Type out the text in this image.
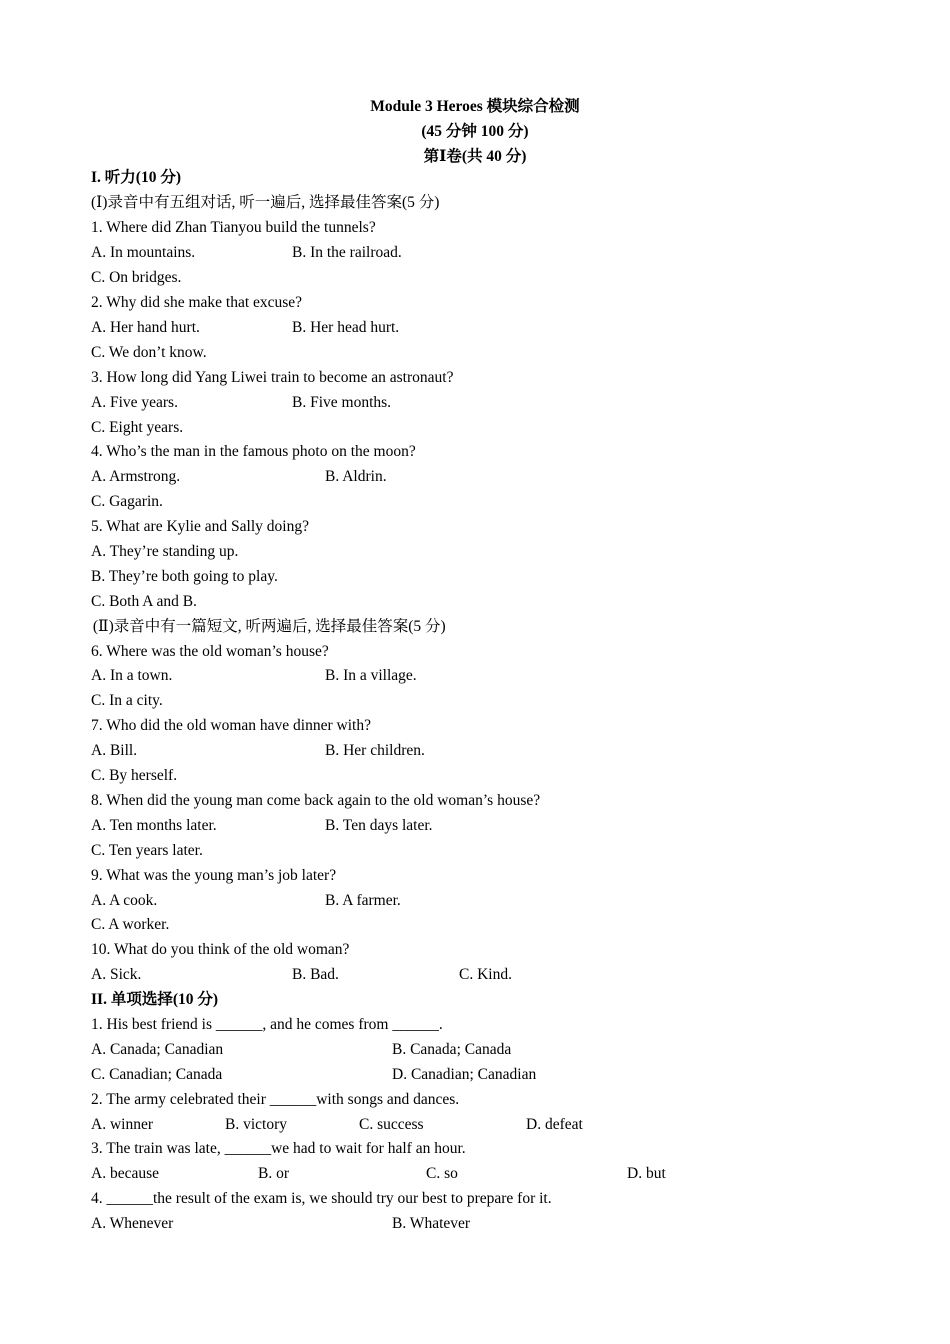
Module 3 Heroes 模块综合检测
(45 分钟 100 分)
第Ⅰ卷(共 40 分)
I. 听力(10 分)
(Ⅰ)录音中有五组对话, 听一遍后, 选择最佳答案(5 分)
1. Where did Zhan Tianyou build the tunnels?
A. In mountains.	B. In the railroad.
C. On bridges.
2. Why did she make that excuse?
A. Her hand hurt.	B. Her head hurt.
C. We don’t know.
3. How long did Yang Liwei train to become an astronaut?
A. Five years.	B. Five months.
C. Eight years.
4. Who’s the man in the famous photo on the moon?
A. Armstrong.	B. Aldrin.
C. Gagarin.
5. What are Kylie and Sally doing?
A. They’re standing up.
B. They’re both going to play.
C. Both A and B.
(Ⅱ)录音中有一篇短文, 听两遍后, 选择最佳答案(5 分)
6. Where was the old woman’s house?
A. In a town.	B. In a village.
C. In a city.
7. Who did the old woman have dinner with?
A. Bill.	B. Her children.
C. By herself.
8. When did the young man come back again to the old woman’s house?
A. Ten months later.	B. Ten days later.
C. Ten years later.
9. What was the young man’s job later?
A. A cook.	B. A farmer.
C. A worker.
10. What do you think of the old woman?
A. Sick.	B. Bad.	C. Kind.
II. 单项选择(10 分)
1. His best friend is ______, and he comes from ______.
A. Canada; Canadian	B. Canada; Canada
C. Canadian; Canada	D. Canadian; Canadian
2. The army celebrated their ______with songs and dances.
A. winner	B. victory	C. success	D. defeat
3. The train was late, ______we had to wait for half an hour.
A. because	B. or	C. so	D. but
4. ______the result of the exam is, we should try our best to prepare for it.
A. Whenever	B. Whatever
